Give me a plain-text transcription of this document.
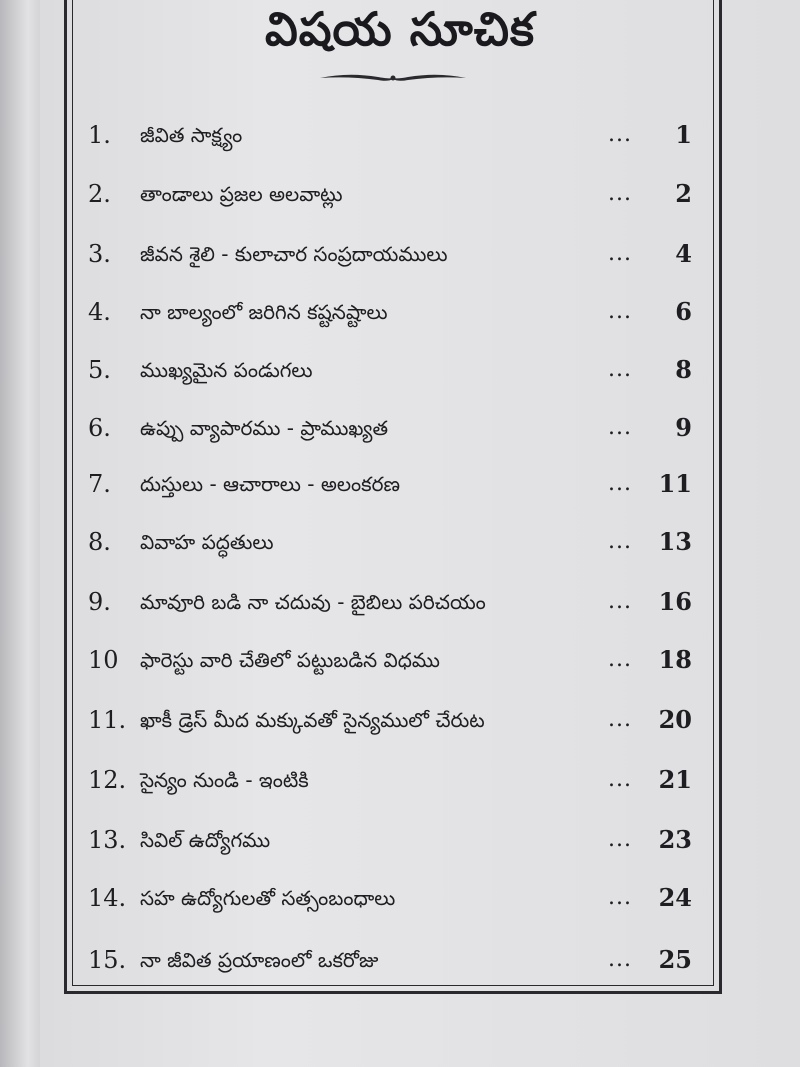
విషయ సూచిక
1.	జీవిత సాక్ష్యం	...	1
2.	తాండాలు ప్రజల అలవాట్లు	...	2
3.	జీవన శైలి - కులాచార సంప్రదాయములు	...	4
4.	నా బాల్యంలో జరిగిన కష్టనష్టాలు	...	6
5.	ముఖ్యమైన పండుగలు	...	8
6.	ఉప్పు వ్యాపారము - ప్రాముఖ్యత	...	9
7.	దుస్తులు - ఆచారాలు - అలంకరణ	...	11
8.	వివాహ పద్ధతులు	...	13
9.	మావూరి బడి నా చదువు - బైబిలు పరిచయం	...	16
10	ఫారెస్టు వారి చేతిలో పట్టుబడిన విధము	...	18
11. ఖాకీ డ్రెస్ మీద మక్కువతో సైన్యములో చేరుట	...	20
12. సైన్యం నుండి - ఇంటికి	...	21
13. సివిల్ ఉద్యోగము	...	23
14. సహ ఉద్యోగులతో సత్సంబంధాలు	...	24
15. నా జీవిత ప్రయాణంలో ఒకరోజు	...	25
